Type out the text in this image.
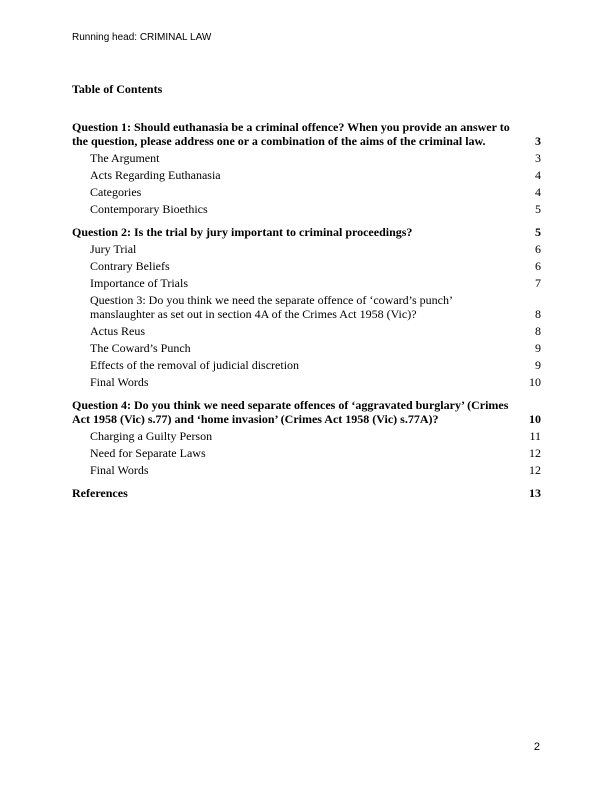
Running head: CRIMINAL LAW
Table of Contents
Question 1: Should euthanasia be a criminal offence? When you provide an answer to the question, please address one or a combination of the aims of the criminal law.	3
The Argument	3
Acts Regarding Euthanasia	4
Categories	4
Contemporary Bioethics	5
Question 2: Is the trial by jury important to criminal proceedings?	5
Jury Trial	6
Contrary Beliefs	6
Importance of Trials	7
Question 3: Do you think we need the separate offence of ‘coward’s punch’ manslaughter as set out in section 4A of the Crimes Act 1958 (Vic)?	8
Actus Reus	8
The Coward’s Punch	9
Effects of the removal of judicial discretion	9
Final Words	10
Question 4: Do you think we need separate offences of ‘aggravated burglary’ (Crimes Act 1958 (Vic) s.77) and ‘home invasion’ (Crimes Act 1958 (Vic) s.77A)?	10
Charging a Guilty Person	11
Need for Separate Laws	12
Final Words	12
References	13
2
